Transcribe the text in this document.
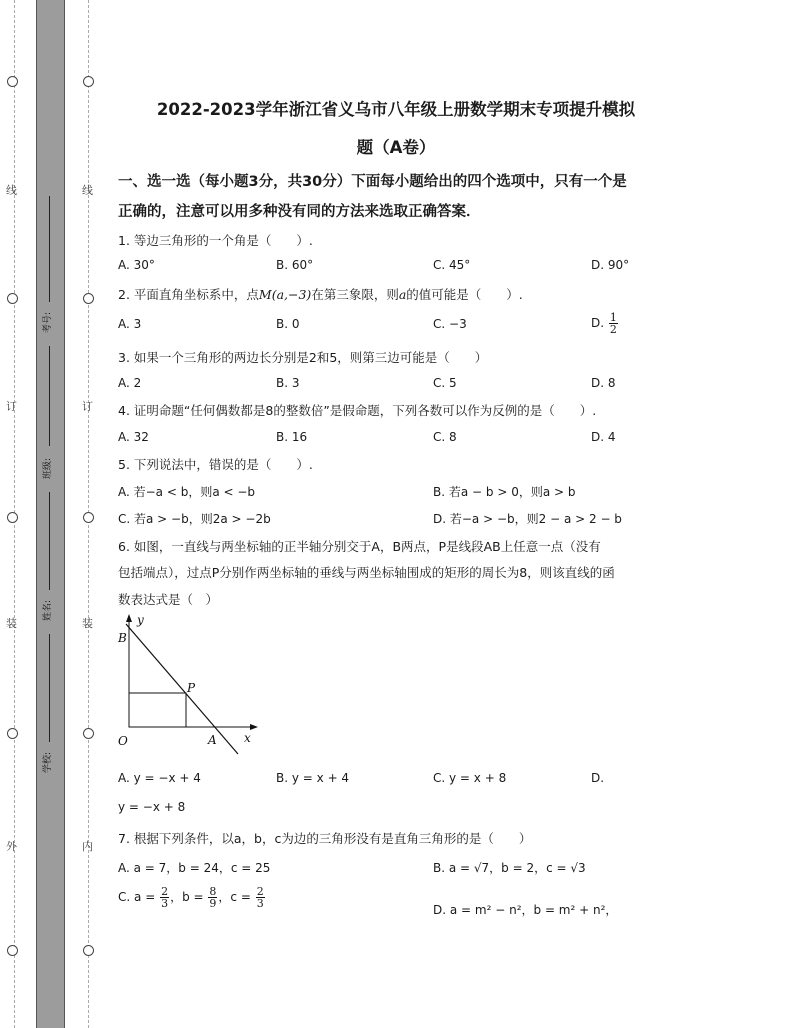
线
订
装
外
线
订
装
内
考号:
班级:
姓名:
学校:
2022-2023学年浙江省义乌市八年级上册数学期末专项提升模拟
题（A卷）
一、选一选（每小题3分，共30分）下面每小题给出的四个选项中，只有一个是
正确的，注意可以用多种没有同的方法来选取正确答案．
1. 等边三角形的一个角是（　　）.
A. 30°	B. 60°	C. 45°	D. 90°
2. 平面直角坐标系中，点M(a,−3)在第三象限，则a的值可能是（　　）.
A. 3	B. 0	C. −3	D. $\frac{1}{2}$
3. 如果一个三角形的两边长分别是2和5，则第三边可能是（　　）
A. 2	B. 3	C. 5	D. 8
4. 证明命题“任何偶数都是8的整数倍”是假命题，下列各数可以作为反例的是（　　）.
A. 32	B. 16	C. 8	D. 4
5. 下列说法中，错误的是（　　）.
A. 若−a < b，则a < −b	B. 若a − b > 0，则a > b
C. 若a > −b，则2a > −2b	D. 若−a > −b，则2 − a > 2 − b
6. 如图，一直线与两坐标轴的正半轴分别交于A，B两点，P是线段AB上任意一点（没有
包括端点），过点P分别作两坐标轴的垂线与两坐标轴围成的矩形的周长为8，则该直线的函
数表达式是（　）
B
y
P
O	A x
A. y = −x + 4	B. y = x + 4	C. y = x + 8	D.
y = −x + 8
7. 根据下列条件，以a，b，c为边的三角形没有是直角三角形的是（　　）
A. a = 7，b = 24，c = 25	B. a = √7，b = 2，c = √3
C. $a = \frac{2}{3}$ ，$b = \frac{8}{9}$ ，$c = \frac{2}{3}$
D. a = m² − n²，b = m² + n²，
